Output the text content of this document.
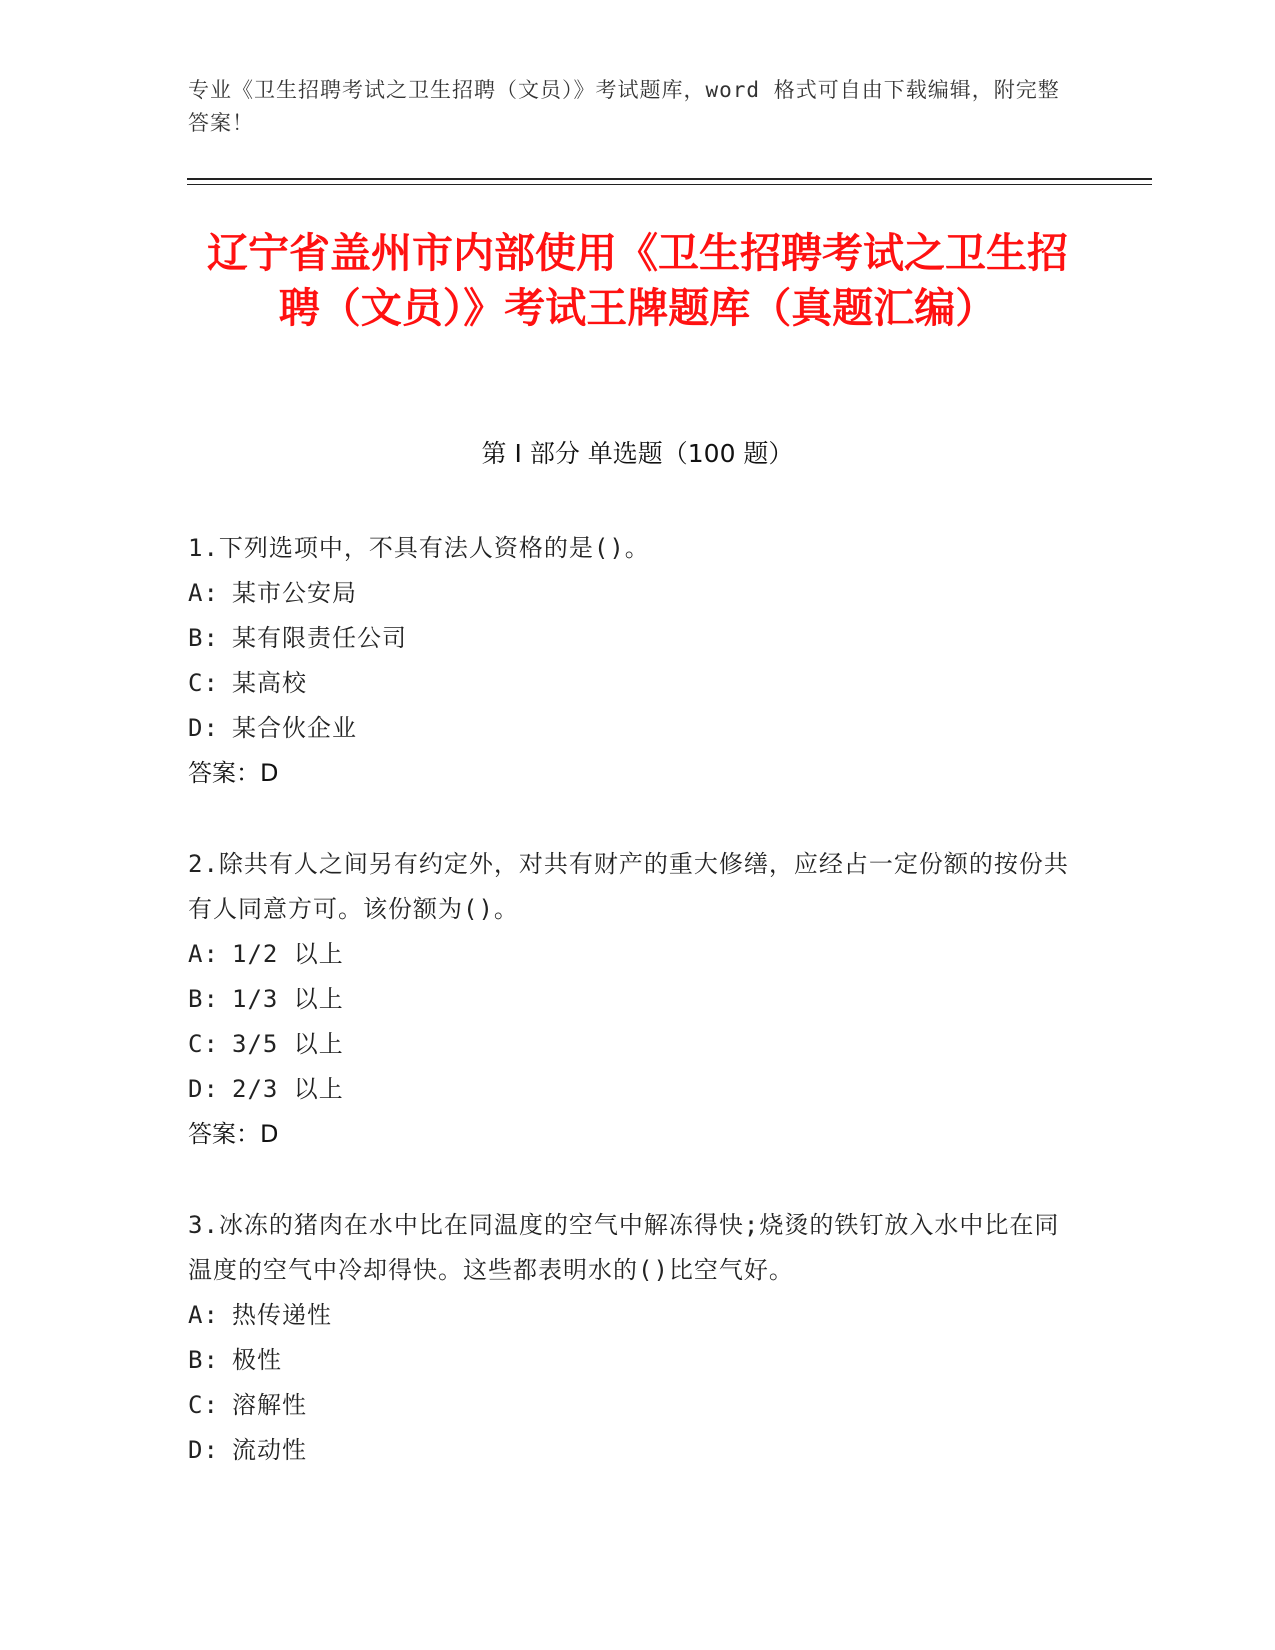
专业《卫生招聘考试之卫生招聘（文员）》考试题库，word 格式可自由下载编辑，附完整答案！
辽宁省盖州市内部使用《卫生招聘考试之卫生招聘（文员）》考试王牌题库（真题汇编）
第 I 部分 单选题（100 题）
1.下列选项中，不具有法人资格的是()。
A: 某市公安局
B: 某有限责任公司
C: 某高校
D: 某合伙企业
答案：D
2.除共有人之间另有约定外，对共有财产的重大修缮，应经占一定份额的按份共有人同意方可。该份额为()。
A: 1/2 以上
B: 1/3 以上
C: 3/5 以上
D: 2/3 以上
答案：D
3.冰冻的猪肉在水中比在同温度的空气中解冻得快;烧烫的铁钉放入水中比在同温度的空气中冷却得快。这些都表明水的()比空气好。
A: 热传递性
B: 极性
C: 溶解性
D: 流动性
